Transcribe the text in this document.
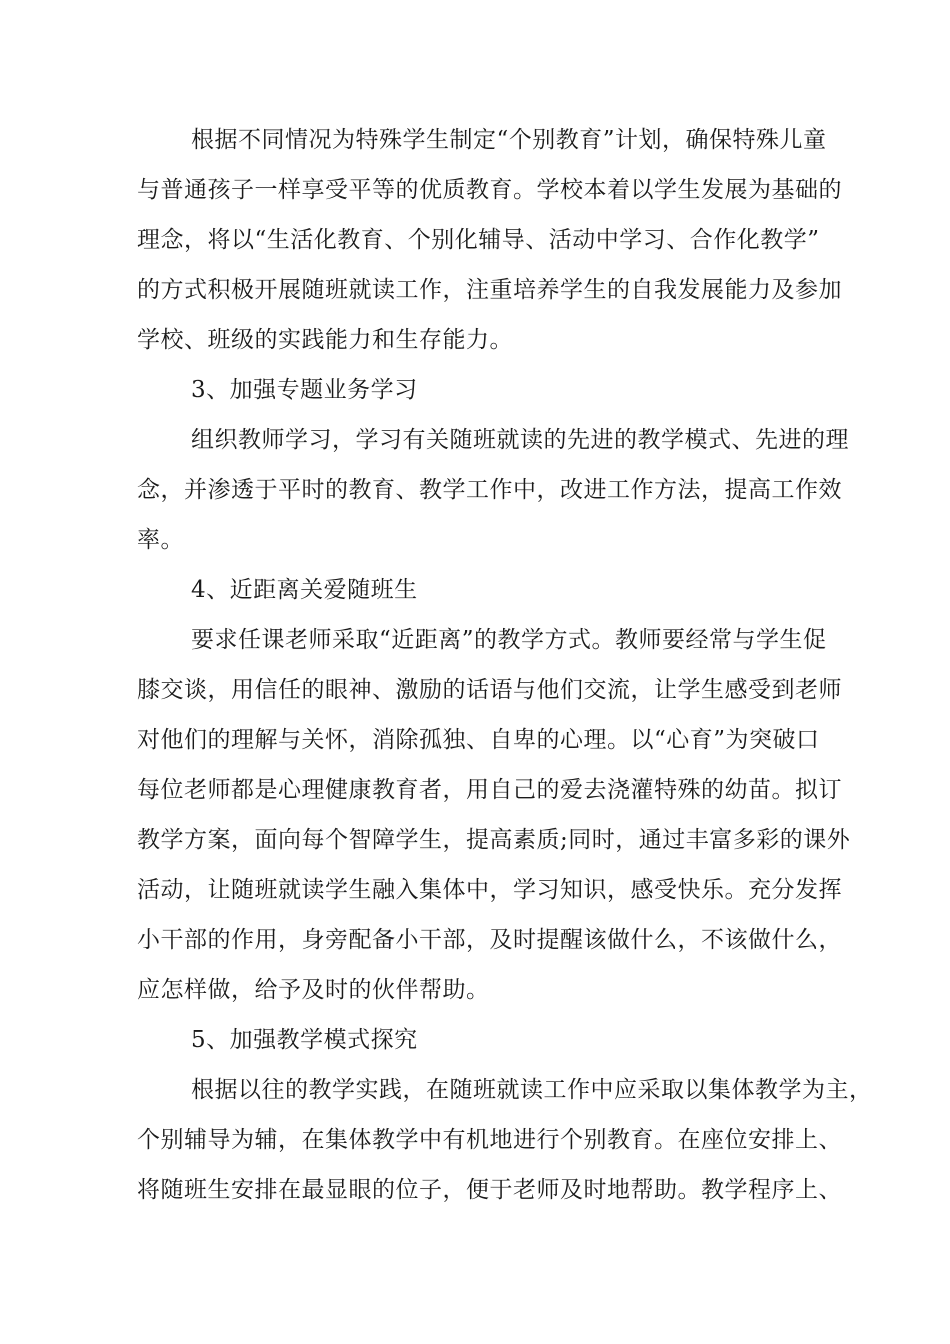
根据不同情况为特殊学生制定“个别教育”计划，确保特殊儿童
与普通孩子一样享受平等的优质教育。学校本着以学生发展为基础的
理念，将以“生活化教育、个别化辅导、活动中学习、合作化教学”
的方式积极开展随班就读工作，注重培养学生的自我发展能力及参加
学校、班级的实践能力和生存能力。
3、加强专题业务学习
组织教师学习，学习有关随班就读的先进的教学模式、先进的理
念，并渗透于平时的教育、教学工作中，改进工作方法，提高工作效
率。
4、近距离关爱随班生
要求任课老师采取“近距离”的教学方式。教师要经常与学生促
膝交谈，用信任的眼神、激励的话语与他们交流，让学生感受到老师
对他们的理解与关怀，消除孤独、自卑的心理。以“心育”为突破口
每位老师都是心理健康教育者，用自己的爱去浇灌特殊的幼苗。拟订
教学方案，面向每个智障学生，提高素质;同时，通过丰富多彩的课外
活动，让随班就读学生融入集体中，学习知识，感受快乐。充分发挥
小干部的作用，身旁配备小干部，及时提醒该做什么，不该做什么，
应怎样做，给予及时的伙伴帮助。
5、加强教学模式探究
根据以往的教学实践，在随班就读工作中应采取以集体教学为主，
个别辅导为辅，在集体教学中有机地进行个别教育。在座位安排上、
将随班生安排在最显眼的位子，便于老师及时地帮助。教学程序上、
